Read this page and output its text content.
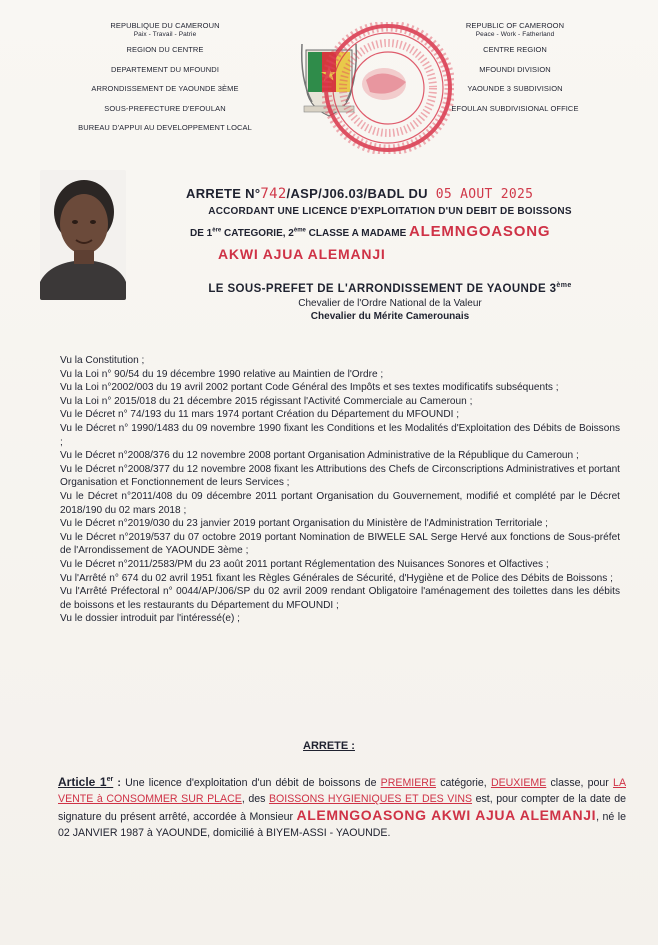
REPUBLIQUE DU CAMEROUN
Paix - Travail - Patrie
REGION DU CENTRE
DEPARTEMENT DU MFOUNDI
ARRONDISSEMENT DE YAOUNDE 3ÈME
SOUS-PREFECTURE D'EFOULAN
BUREAU D'APPUI AU DEVELOPPEMENT LOCAL
REPUBLIC OF CAMEROON
Peace - Work - Fatherland
CENTRE REGION
MFOUNDI DIVISION
YAOUNDE 3 SUBDIVISION
EFOULAN SUBDIVISIONAL OFFICE
ARRETE N°742/ASP/J06.03/BADL DU 05 AOUT 2025
ACCORDANT UNE LICENCE D'EXPLOITATION D'UN DEBIT DE BOISSONS
DE 1ère CATEGORIE, 2ème CLASSE A MADAME ALEMNGOASONG
AKWI AJUA ALEMANJI
LE SOUS-PREFET DE L'ARRONDISSEMENT DE YAOUNDE 3ème
Chevalier de l'Ordre National de la Valeur
Chevalier du Mérite Camerounais
Vu la Constitution ;
Vu la Loi n° 90/54 du 19 décembre 1990 relative au Maintien de l'Ordre ;
Vu la Loi n°2002/003 du 19 avril 2002 portant Code Général des Impôts et ses textes modificatifs subséquents ;
Vu la Loi n° 2015/018 du 21 décembre 2015 régissant l'Activité Commerciale au Cameroun ;
Vu le Décret n° 74/193 du 11 mars 1974 portant Création du Département du MFOUNDI ;
Vu le Décret n° 1990/1483 du 09 novembre 1990 fixant les Conditions et les Modalités d'Exploitation des Débits de Boissons ;
Vu le Décret n°2008/376 du 12 novembre 2008 portant Organisation Administrative de la République du Cameroun ;
Vu le Décret n°2008/377 du 12 novembre 2008 fixant les Attributions des Chefs de Circonscriptions Administratives et portant Organisation et Fonctionnement de leurs Services ;
Vu le Décret n°2011/408 du 09 décembre 2011 portant Organisation du Gouvernement, modifié et complété par le Décret 2018/190 du 02 mars 2018 ;
Vu le Décret n°2019/030 du 23 janvier 2019 portant Organisation du Ministère de l'Administration Territoriale ;
Vu le Décret n°2019/537 du 07 octobre 2019 portant Nomination de BIWELE SAL Serge Hervé aux fonctions de Sous-préfet de l'Arrondissement de YAOUNDE 3ème ;
Vu le Décret n°2011/2583/PM du 23 août 2011 portant Réglementation des Nuisances Sonores et Olfactives ;
Vu l'Arrêté n° 674 du 02 avril 1951 fixant les Règles Générales de Sécurité, d'Hygiène et de Police des Débits de Boissons ;
Vu l'Arrêté Préfectoral n° 0044/AP/J06/SP du 02 avril 2009 rendant Obligatoire l'aménagement des toilettes dans les débits de boissons et les restaurants du Département du MFOUNDI ;
Vu le dossier introduit par l'intéressé(e) ;
ARRETE :
Article 1er : Une licence d'exploitation d'un débit de boissons de PREMIERE catégorie, DEUXIEME classe, pour LA VENTE à CONSOMMER SUR PLACE, des BOISSONS HYGIENIQUES ET DES VINS est, pour compter de la date de signature du présent arrêté, accordée à Monsieur ALEMNGOASONG AKWI AJUA ALEMANJI, né le 02 JANVIER 1987 à YAOUNDE, domicilié à BIYEM-ASSI - YAOUNDE.
